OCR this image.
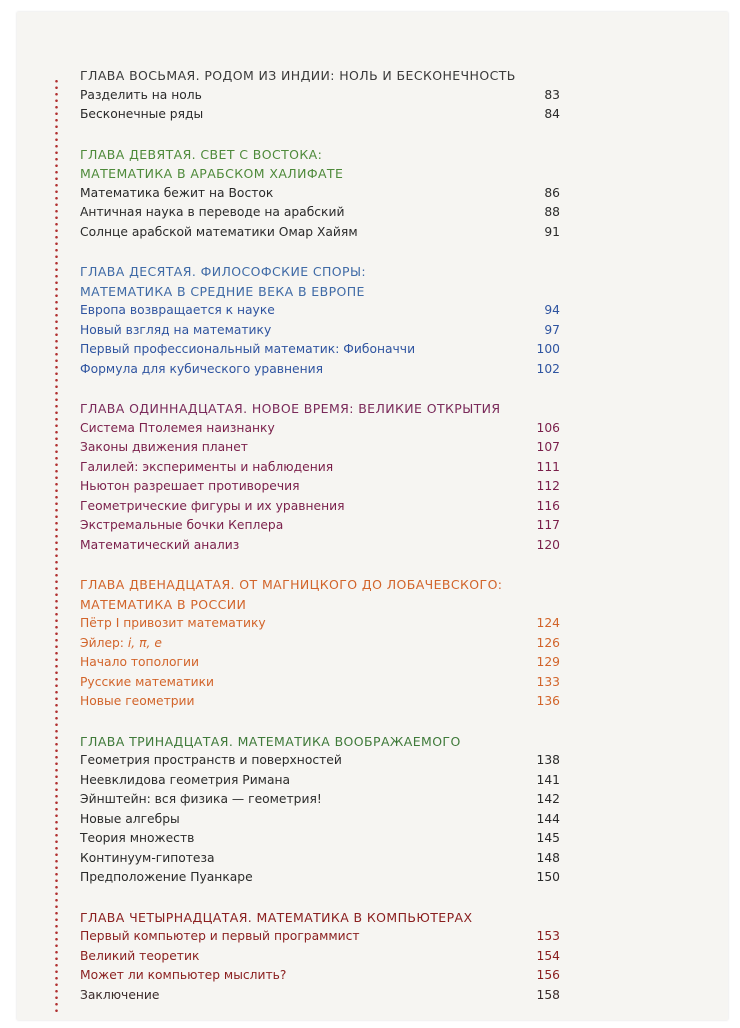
ГЛАВА ВОСЬМАЯ. РОДОМ ИЗ ИНДИИ: НОЛЬ И БЕСКОНЕЧНОСТЬ
Разделить на ноль	83
Бесконечные ряды	84
ГЛАВА ДЕВЯТАЯ. СВЕТ С ВОСТОКА:
МАТЕМАТИКА В АРАБСКОМ ХАЛИФАТЕ
Математика бежит на Восток	86
Античная наука в переводе на арабский	88
Солнце арабской математики Омар Хайям	91
ГЛАВА ДЕСЯТАЯ. ФИЛОСОФСКИЕ СПОРЫ:
МАТЕМАТИКА В СРЕДНИЕ ВЕКА В ЕВРОПЕ
Европа возвращается к науке	94
Новый взгляд на математику	97
Первый профессиональный математик: Фибоначчи	100
Формула для кубического уравнения	102
ГЛАВА ОДИННАДЦАТАЯ. НОВОЕ ВРЕМЯ: ВЕЛИКИЕ ОТКРЫТИЯ
Система Птолемея наизнанку	106
Законы движения планет	107
Галилей: эксперименты и наблюдения	111
Ньютон разрешает противоречия	112
Геометрические фигуры и их уравнения	116
Экстремальные бочки Кеплера	117
Математический анализ	120
ГЛАВА ДВЕНАДЦАТАЯ. ОТ МАГНИЦКОГО ДО ЛОБАЧЕВСКОГО:
МАТЕМАТИКА В РОССИИ
Пётр I привозит математику	124
Эйлер: i, π, e	126
Начало топологии	129
Русские математики	133
Новые геометрии	136
ГЛАВА ТРИНАДЦАТАЯ. МАТЕМАТИКА ВООБРАЖАЕМОГО
Геометрия пространств и поверхностей	138
Неевклидова геометрия Римана	141
Эйнштейн: вся физика — геометрия!	142
Новые алгебры	144
Теория множеств	145
Континуум-гипотеза	148
Предположение Пуанкаре	150
ГЛАВА ЧЕТЫРНАДЦАТАЯ. МАТЕМАТИКА В КОМПЬЮТЕРАХ
Первый компьютер и первый программист	153
Великий теоретик	154
Может ли компьютер мыслить?	156
Заключение	158
